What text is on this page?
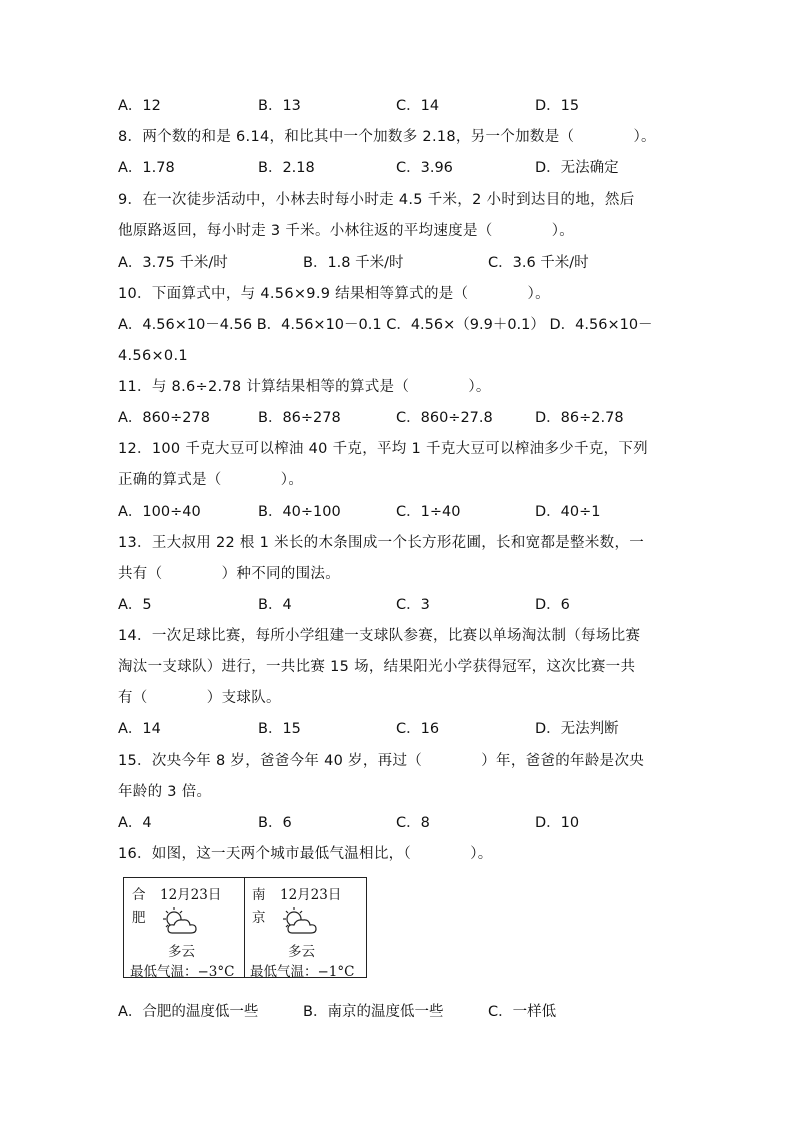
A．12	B．13	C．14	D．15
8．两个数的和是 6.14，和比其中一个加数多 2.18，另一个加数是（　　　　）。
A．1.78	B．2.18	C．3.96	D．无法确定
9．在一次徒步活动中，小林去时每小时走 4.5 千米，2 小时到达目的地，然后
他原路返回，每小时走 3 千米。小林往返的平均速度是（　　　　）。
A．3.75 千米/时	B．1.8 千米/时	C．3.6 千米/时
10．下面算式中，与 4.56×9.9 结果相等算式的是（　　　　）。
A．4.56×10－4.56 B．4.56×10－0.1 C．4.56×（9.9＋0.1） D．4.56×10－
4.56×0.1
11．与 8.6÷2.78 计算结果相等的算式是（　　　　）。
A．860÷278	B．86÷278	C．860÷27.8	D．86÷2.78
12．100 千克大豆可以榨油 40 千克，平均 1 千克大豆可以榨油多少千克，下列
正确的算式是（　　　　）。
A．100÷40	B．40÷100	C．1÷40	D．40÷1
13．王大叔用 22 根 1 米长的木条围成一个长方形花圃，长和宽都是整米数，一
共有（　　　　）种不同的围法。
A．5	B．4	C．3	D．6
14．一次足球比赛，每所小学组建一支球队参赛，比赛以单场淘汰制（每场比赛
淘汰一支球队）进行，一共比赛 15 场，结果阳光小学获得冠军，这次比赛一共
有（　　　　）支球队。
A．14	B．15	C．16	D．无法判断
15．次央今年 8 岁，爸爸今年 40 岁，再过（　　　　）年，爸爸的年龄是次央
年龄的 3 倍。
A．4	B．6	C．8	D．10
16．如图，这一天两个城市最低气温相比，（　　　　）。
合
肥
12月23日
多云
最低气温：−3°C
南
京
12月23日
多云
最低气温：−1°C
A．合肥的温度低一些	B．南京的温度低一些	C．一样低
